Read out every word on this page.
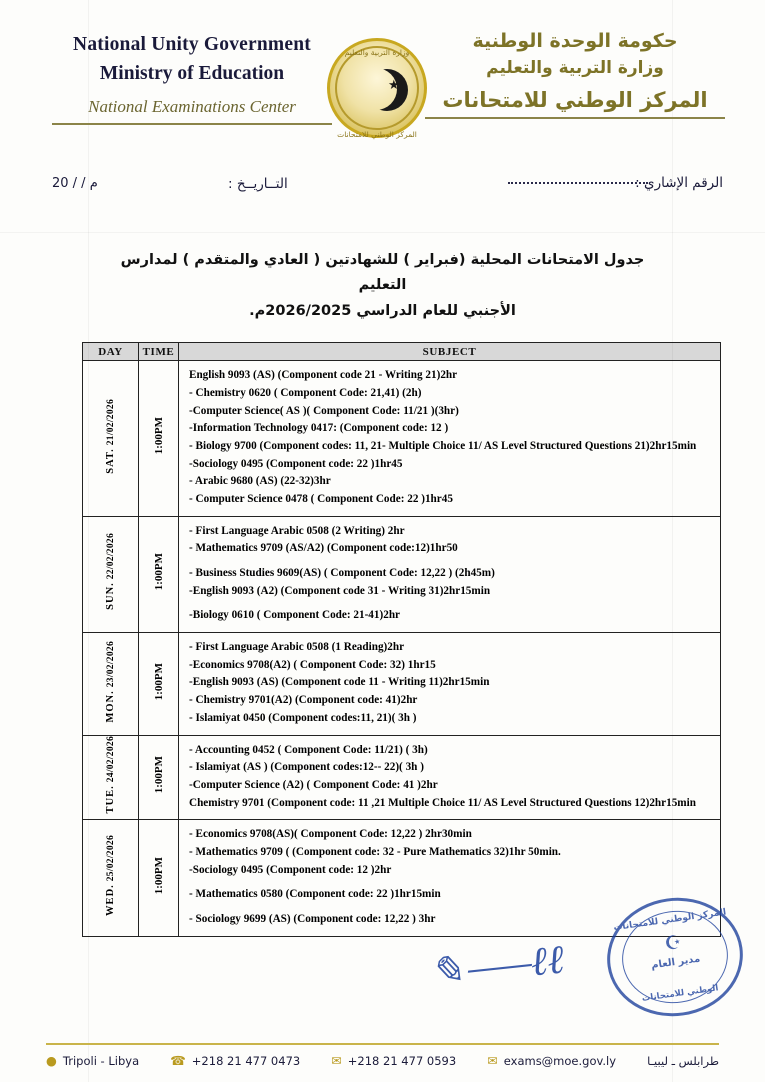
National Unity Government
Ministry of Education
National Examinations Center
وزارة التربية والتعليم
★
المركز الوطني للامتحانات
حكومة الوحدة الوطنية
وزارة التربية والتعليم
المركز الوطني للامتحانات
20 / / م	التــاريــخ :	الرقم الإشاري :
جدول الامتحانات المحلية (فبراير ) للشهادتين ( العادي والمتقدم ) لمدارس التعليم
الأجنبي للعام الدراسي 2026/2025م.
DAY	TIME	SUBJECT
SAT. 21/02/2026	1:00PM	
English 9093 (AS) (Component code 21 - Writing 21)2hr
- Chemistry 0620 ( Component Code: 21,41) (2h)
-Computer Science( AS )( Component Code: 11/21 )(3hr)
-Information Technology 0417: (Component code: 12 )
- Biology 9700 (Component codes: 11, 21- Multiple Choice 11/ AS Level Structured Questions 21)2hr15min
-Sociology 0495 (Component code: 22 )1hr45
- Arabic 9680 (AS) (22-32)3hr
- Computer Science 0478 ( Component Code: 22 )1hr45

SUN. 22/02/2026	1:00PM	- First Language Arabic 0508 (2 Writing) 2hr
- Mathematics 9709 (AS/A2) (Component code:12)1hr50
- Business Studies 9609(AS) ( Component Code: 12,22 ) (2h45m)
-English 9093 (A2) (Component code 31 - Writing 31)2hr15min
-Biology 0610 ( Component Code: 21-41)2hr

MON. 23/02/2026	1:00PM	- First Language Arabic 0508 (1 Reading)2hr
-Economics 9708(A2) ( Component Code: 32) 1hr15
-English 9093 (AS) (Component code 11 - Writing 11)2hr15min
- Chemistry 9701(A2) (Component code: 41)2hr
- Islamiyat 0450 (Component codes:11, 21)( 3h )

TUE. 24/02/2026	1:00PM	- Accounting 0452 ( Component Code: 11/21) ( 3h)
- Islamiyat (AS ) (Component codes:12-- 22)( 3h )
-Computer Science (A2) ( Component Code: 41 )2hr
Chemistry 9701 (Component code: 11 ,21 Multiple Choice 11/ AS Level Structured Questions 12)2hr15min

WED. 25/02/2026	1:00PM	- Economics 9708(AS)( Component Code: 12,22 ) 2hr30min
- Mathematics 9709 ( (Component code: 32 - Pure Mathematics 32)1hr 50min.
-Sociology 0495 (Component code: 12 )2hr
- Mathematics 0580 (Component code: 22 )1hr15min
- Sociology 9699 (AS) (Component code: 12,22 ) 3hr
✎⸺ℓℓ
المركز الوطني للامتحانات
☪
مدير العام
الوطني للامتحانات
● Tripoli - Libya ☎ +218 21 477 0473 ✉ +218 21 477 0593 ✉ exams@moe.gov.ly	طرابلس ـ ليبيـا
